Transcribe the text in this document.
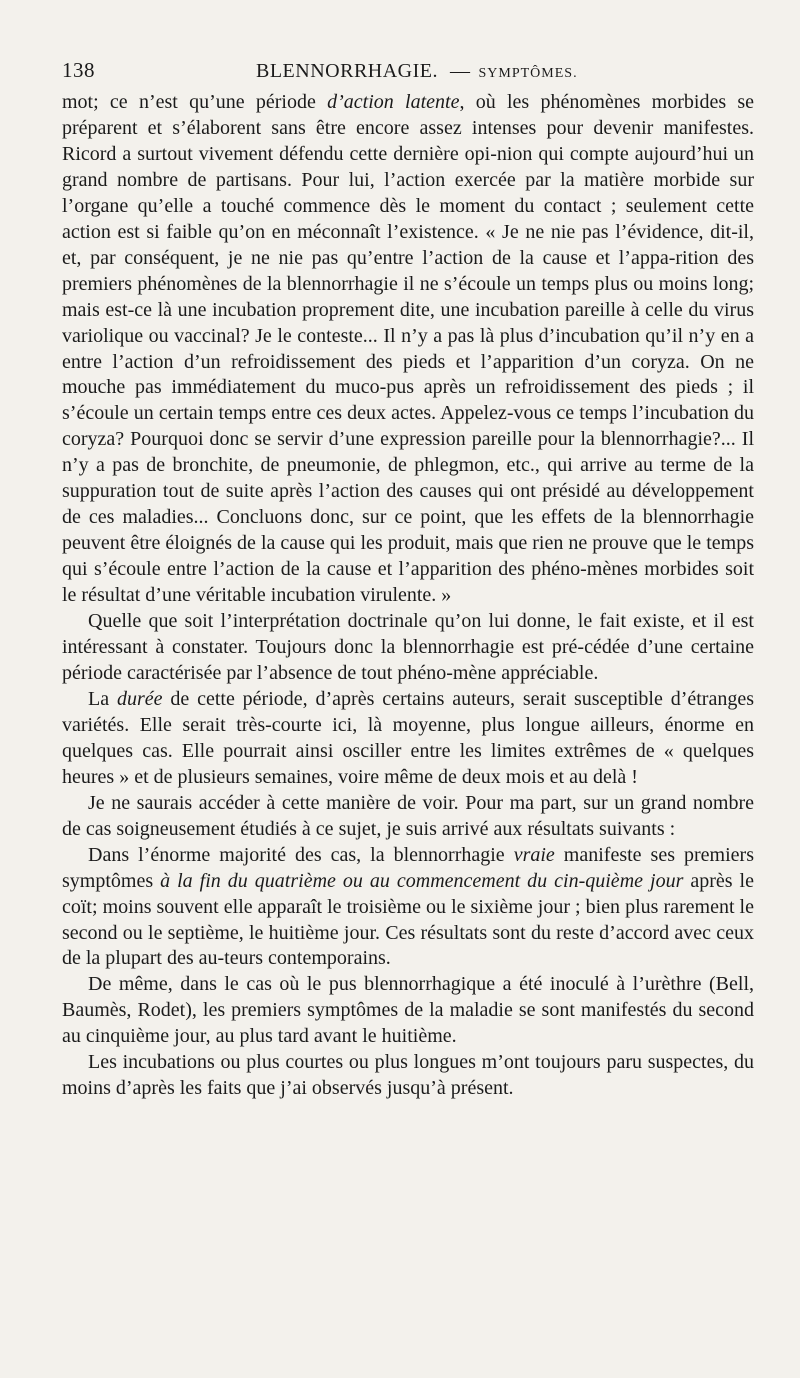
138	BLENNORRHAGIE. — SYMPTÔMES.

mot; ce n’est qu’une période d’action latente, où les phénomènes morbides se préparent et s’élaborent sans être encore assez intenses pour devenir manifestes. Ricord a surtout vivement défendu cette dernière opi-nion qui compte aujourd’hui un grand nombre de partisans. Pour lui, l’action exercée par la matière morbide sur l’organe qu’elle a touché commence dès le moment du contact ; seulement cette action est si faible qu’on en méconnaît l’existence. « Je ne nie pas l’évidence, dit-il, et, par conséquent, je ne nie pas qu’entre l’action de la cause et l’appa-rition des premiers phénomènes de la blennorrhagie il ne s’écoule un temps plus ou moins long; mais est-ce là une incubation proprement dite, une incubation pareille à celle du virus variolique ou vaccinal? Je le conteste... Il n’y a pas là plus d’incubation qu’il n’y en a entre l’action d’un refroidissement des pieds et l’apparition d’un coryza. On ne mouche pas immédiatement du muco-pus après un refroidissement des pieds ; il s’écoule un certain temps entre ces deux actes. Appelez-vous ce temps l’incubation du coryza? Pourquoi donc se servir d’une expression pareille pour la blennorrhagie?... Il n’y a pas de bronchite, de pneumonie, de phlegmon, etc., qui arrive au terme de la suppuration tout de suite après l’action des causes qui ont présidé au développement de ces maladies... Concluons donc, sur ce point, que les effets de la blennorrhagie peuvent être éloignés de la cause qui les produit, mais que rien ne prouve que le temps qui s’écoule entre l’action de la cause et l’apparition des phéno-mènes morbides soit le résultat d’une véritable incubation virulente. »

Quelle que soit l’interprétation doctrinale qu’on lui donne, le fait existe, et il est intéressant à constater. Toujours donc la blennorrhagie est pré-cédée d’une certaine période caractérisée par l’absence de tout phéno-mène appréciable.

La durée de cette période, d’après certains auteurs, serait susceptible d’étranges variétés. Elle serait très-courte ici, là moyenne, plus longue ailleurs, énorme en quelques cas. Elle pourrait ainsi osciller entre les limites extrêmes de « quelques heures » et de plusieurs semaines, voire même de deux mois et au delà !

Je ne saurais accéder à cette manière de voir. Pour ma part, sur un grand nombre de cas soigneusement étudiés à ce sujet, je suis arrivé aux résultats suivants :

Dans l’énorme majorité des cas, la blennorrhagie vraie manifeste ses premiers symptômes à la fin du quatrième ou au commencement du cin-quième jour après le coït; moins souvent elle apparaît le troisième ou le sixième jour ; bien plus rarement le second ou le septième, le huitième jour. Ces résultats sont du reste d’accord avec ceux de la plupart des au-teurs contemporains.

De même, dans le cas où le pus blennorrhagique a été inoculé à l’urèthre (Bell, Baumès, Rodet), les premiers symptômes de la maladie se sont manifestés du second au cinquième jour, au plus tard avant le huitième.

Les incubations ou plus courtes ou plus longues m’ont toujours paru suspectes, du moins d’après les faits que j’ai observés jusqu’à présent.
